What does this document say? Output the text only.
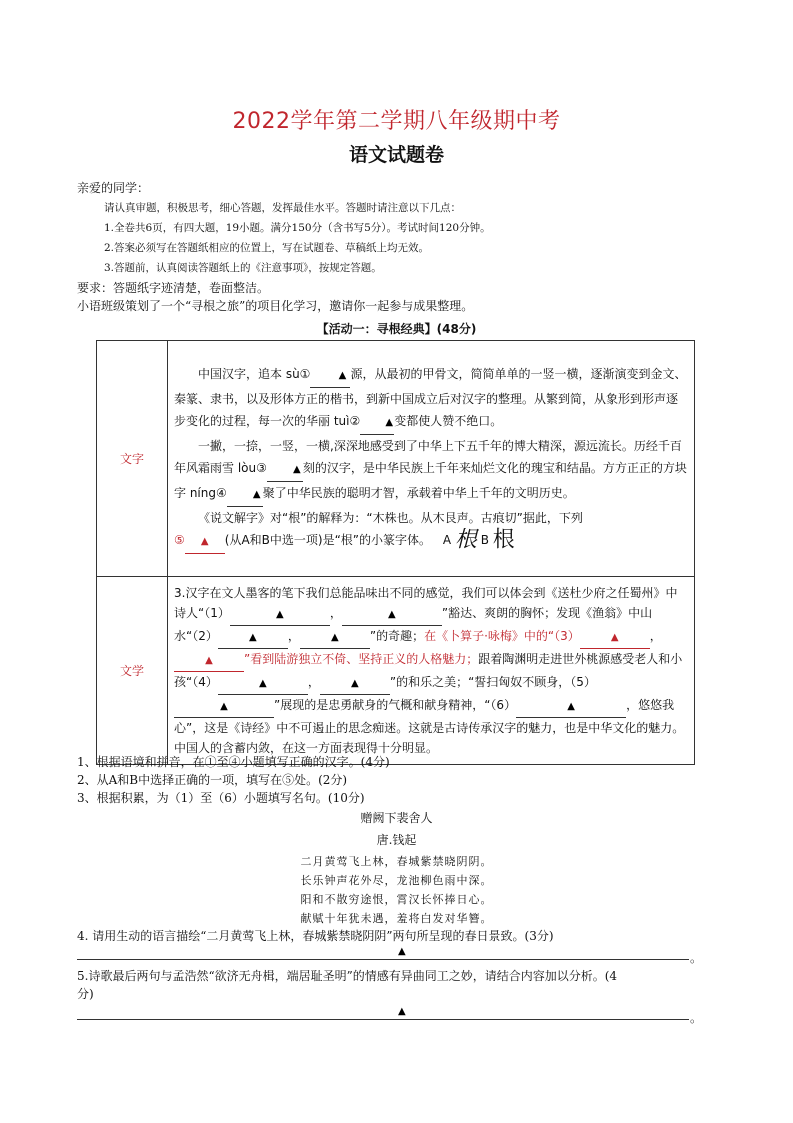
2022学年第二学期八年级期中考
语文试题卷
亲爱的同学：
请认真审题，积极思考，细心答题，发挥最佳水平。答题时请注意以下几点：
1.全卷共6页，有四大题，19小题。满分150分（含书写5分）。考试时间120分钟。
2.答案必须写在答题纸相应的位置上，写在试题卷、草稿纸上均无效。
3.答题前，认真阅读答题纸上的《注意事项》，按规定答题。
要求：答题纸字迹清楚，卷面整洁。
小语班级策划了一个“寻根之旅”的项目化学习，邀请你一起参与成果整理。
【活动一：寻根经典】(48分)
文字	中国汉字，追本 sù① ▲ 源，从最初的甲骨文，简简单单的一竖一横，逐渐演变到金文、秦篆、隶书，以及形体方正的楷书，到新中国成立后对汉字的整理。从繁到简，从象形到形声逐步变化的过程，每一次的华丽 tuì② ▲变都使人赞不绝口。

一撇，一捺，一竖，一横,深深地感受到了中华上下五千年的博大精深，源远流长。历经千百年风霜雨雪 lòu③ ▲ 刻的汉字，是中华民族上千年来灿烂文化的瑰宝和结晶。方方正正的方块字 níng④ ▲ 聚了中华民族的聪明才智，承载着中华上千年的文明历史。

《说文解字》对“根”的解释为：“木株也。从木艮声。古痕切”据此，下列

⑤ ▲ (从A和B中选一项)是“根”的小篆字体。 A 根 B 根

文学	3.汉字在文人墨客的笔下我们总能品味出不同的感觉，我们可以体会到《送杜少府之任蜀州》中诗人“（1） ▲ ， ▲ ”豁达、爽朗的胸怀；发现《渔翁》中山水“（2） ▲ ， ▲ ”的奇趣；在《卜算子·咏梅》中的“（3） ▲ ，▲ ”看到陆游独立不倚、坚持正义的人格魅力；跟着陶渊明走进世外桃源感受老人和小孩“（4） ▲ ， ▲ ”的和乐之美；“誓扫匈奴不顾身，（5）▲ ”展现的是忠勇献身的气概和献身精神，“（6） ▲ ，悠悠我心”，这是《诗经》中不可遏止的思念痴迷。这就是古诗传承汉字的魅力，也是中华文化的魅力。中国人的含蓄内敛，在这一方面表现得十分明显。

1、根据语境和拼音，在①至④小题填写正确的汉字。(4分)
2、从A和B中选择正确的一项，填写在⑤处。(2分)
3、根据积累，为（1）至（6）小题填写名句。(10分)
赠阙下裴舍人
唐.钱起
二月黄莺飞上林，春城紫禁晓阴阴。
长乐钟声花外尽，龙池柳色雨中深。
阳和不散穷途恨，霄汉长怀捧日心。
献赋十年犹未遇，羞将白发对华簪。
4. 请用生动的语言描绘“二月黄莺飞上林，春城紫禁晓阴阴”两句所呈现的春日景致。(3分)
▲	。
5.诗歌最后两句与孟浩然“欲济无舟楫，端居耻圣明”的情感有异曲同工之妙，请结合内容加以分析。(4
分)
▲	。
